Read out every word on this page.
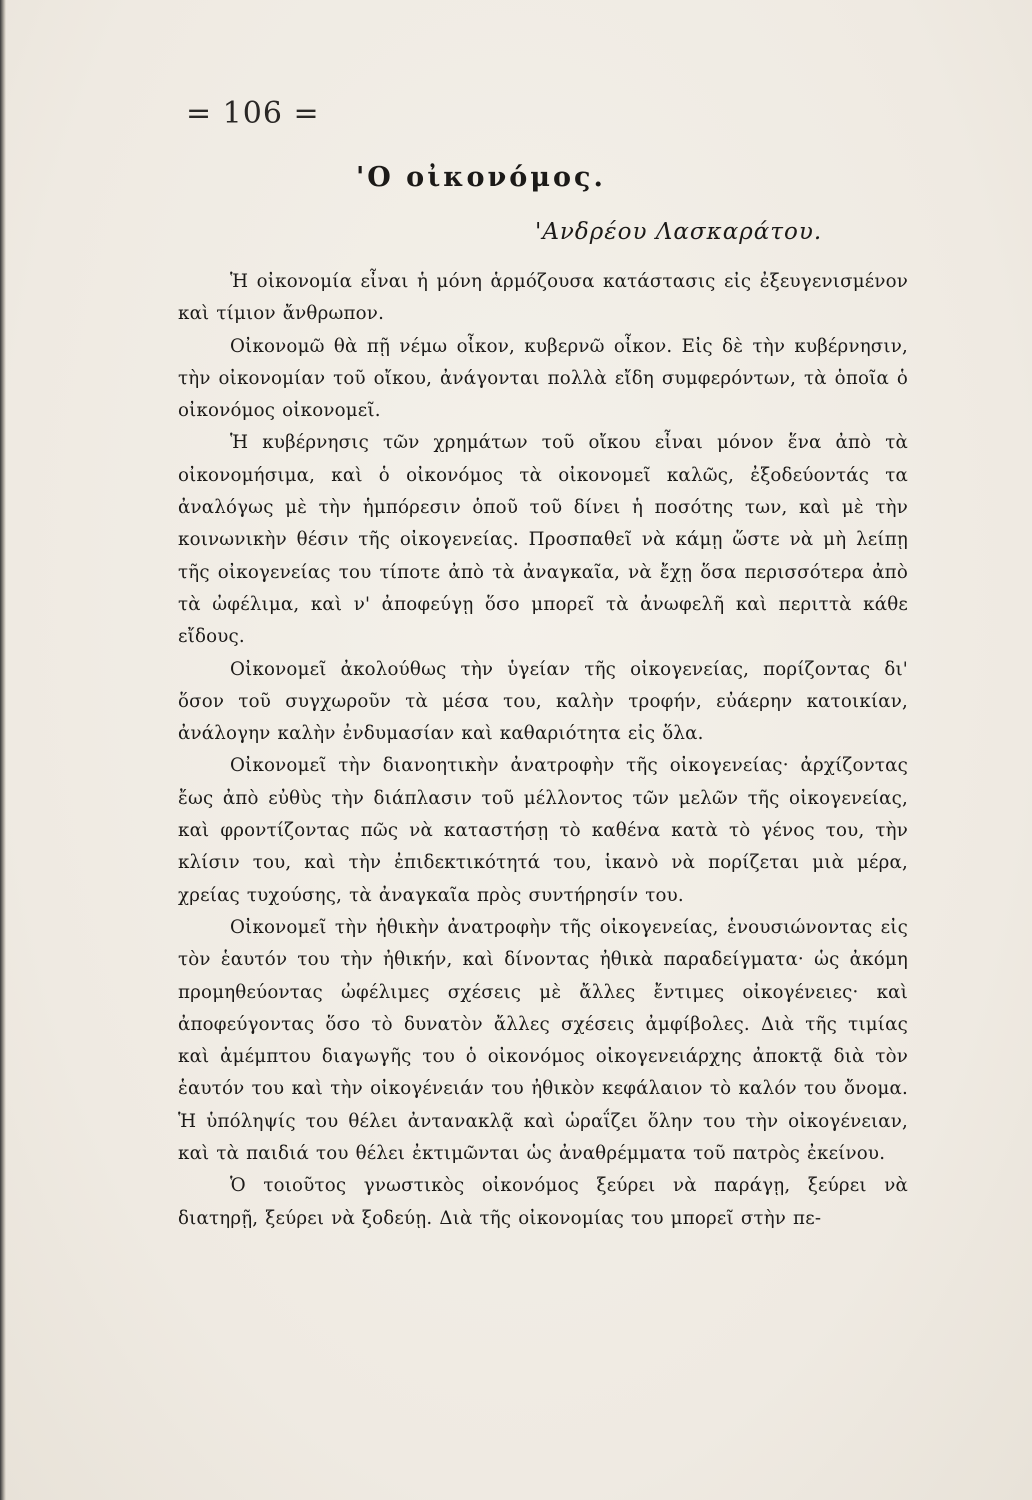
= 106 =
'Ο οἰκονόμος.
'Ανδρέου Λασκαράτου.

Ἡ οἰκονομία εἶναι ἡ μόνη ἁρμόζουσα κατάστασις εἰς ἐξευγενισμένον καὶ τίμιον ἄνθρωπον.

Οἰκονομῶ θὰ πῇ νέμω οἶκον, κυβερνῶ οἶκον. Εἰς δὲ τὴν κυβέρνησιν, τὴν οἰκονομίαν τοῦ οἴκου, ἀνάγονται πολλὰ εἴδη συμφερόντων, τὰ ὁποῖα ὁ οἰκονόμος οἰκονομεῖ.

Ἡ κυβέρνησις τῶν χρημάτων τοῦ οἴκου εἶναι μόνον ἕνα ἀπὸ τὰ οἰκονομήσιμα, καὶ ὁ οἰκονόμος τὰ οἰκονομεῖ καλῶς, ἐξοδεύοντάς τα ἀναλόγως μὲ τὴν ἡμπόρεσιν ὁποῦ τοῦ δίνει ἡ ποσότης των, καὶ μὲ τὴν κοινωνικὴν θέσιν τῆς οἰκογενείας. Προσπαθεῖ νὰ κάμῃ ὥστε νὰ μὴ λείπῃ τῆς οἰκογενείας του τίποτε ἀπὸ τὰ ἀναγκαῖα, νὰ ἔχῃ ὅσα περισσότερα ἀπὸ τὰ ὠφέλιμα, καὶ ν' ἀποφεύγῃ ὅσο μπορεῖ τὰ ἀνωφελῆ καὶ περιττὰ κάθε εἴδους.

Οἰκονομεῖ ἀκολούθως τὴν ὑγείαν τῆς οἰκογενείας, πορίζοντας δι' ὅσον τοῦ συγχωροῦν τὰ μέσα του, καλὴν τροφήν, εὐάερην κατοικίαν, ἀνάλογην καλὴν ἐνδυμασίαν καὶ καθαριότητα εἰς ὅλα.

Οἰκονομεῖ τὴν διανοητικὴν ἀνατροφὴν τῆς οἰκογενείας· ἀρχίζοντας ἔως ἀπὸ εὐθὺς τὴν διάπλασιν τοῦ μέλλοντος τῶν μελῶν τῆς οἰκογενείας, καὶ φροντίζοντας πῶς νὰ καταστήσῃ τὸ καθένα κατὰ τὸ γένος του, τὴν κλίσιν του, καὶ τὴν ἐπιδεκτικότητά του, ἱκανὸ νὰ πορίζεται μιὰ μέρα, χρείας τυχούσης, τὰ ἀναγκαῖα πρὸς συντήρησίν του.

Οἰκονομεῖ τὴν ἠθικὴν ἀνατροφὴν τῆς οἰκογενείας, ἑνουσιώνοντας εἰς τὸν ἑαυτόν του τὴν ἠθικήν, καὶ δίνοντας ἠθικὰ παραδείγματα· ὡς ἀκόμη προμηθεύοντας ὠφέλιμες σχέσεις μὲ ἄλλες ἔντιμες οἰκογένειες· καὶ ἀποφεύγοντας ὅσο τὸ δυνατὸν ἄλλες σχέσεις ἀμφίβολες. Διὰ τῆς τιμίας καὶ ἀμέμπτου διαγωγῆς του ὁ οἰκονόμος οἰκογενειάρχης ἀποκτᾷ διὰ τὸν ἑαυτόν του καὶ τὴν οἰκογένειάν του ἠθικὸν κεφάλαιον τὸ καλόν του ὄνομα. Ἡ ὑπόληψίς του θέλει ἀντανακλᾷ καὶ ὡραΐζει ὅλην του τὴν οἰκογένειαν, καὶ τὰ παιδιά του θέλει ἐκτιμῶνται ὡς ἀναθρέμματα τοῦ πατρὸς ἐκείνου.

Ὁ τοιοῦτος γνωστικὸς οἰκονόμος ξεύρει νὰ παράγῃ, ξεύρει νὰ διατηρῇ, ξεύρει νὰ ξοδεύῃ. Διὰ τῆς οἰκονομίας του μπορεῖ στὴν πε-
